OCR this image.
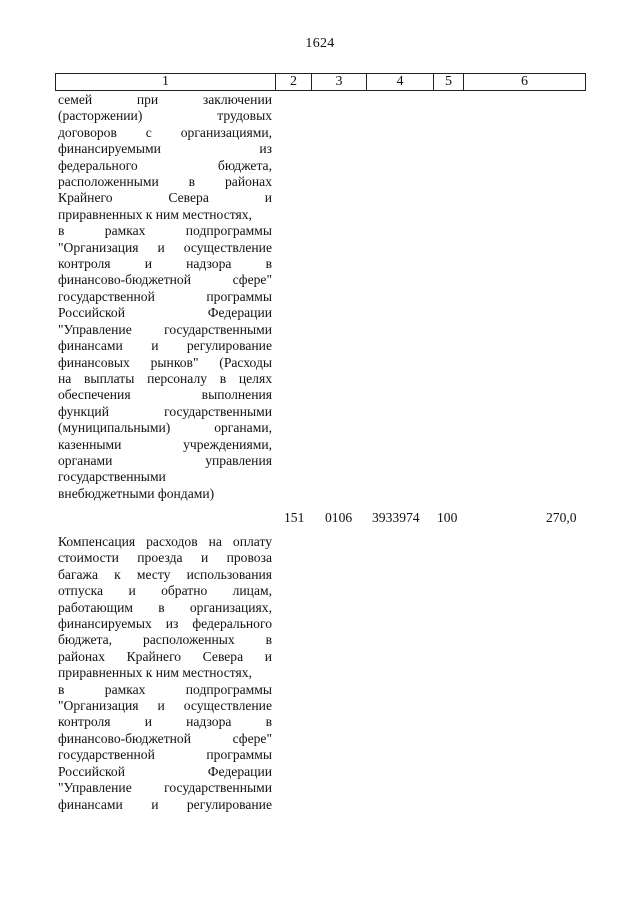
1624
1	2	3	4	5	6
семей при заключении
(расторжении) трудовых
договоров с организациями,
финансируемыми из
федерального бюджета,
расположенными в районах
Крайнего Севера и
приравненных к ним местностях,
в рамках подпрограммы
"Организация и осуществление
контроля и надзора в
финансово-бюджетной сфере"
государственной программы
Российской Федерации
"Управление государственными
финансами и регулирование
финансовых рынков" (Расходы
на выплаты персоналу в целях
обеспечения выполнения
функций государственными
(муниципальными) органами,
казенными учреждениями,
органами управления
государственными
внебюджетными фондами)
151 0106 3933974 100	270,0
Компенсация расходов на оплату
стоимости проезда и провоза
багажа к месту использования
отпуска и обратно лицам,
работающим в организациях,
финансируемых из федерального
бюджета, расположенных в
районах Крайнего Севера и
приравненных к ним местностях,
в рамках подпрограммы
"Организация и осуществление
контроля и надзора в
финансово-бюджетной сфере"
государственной программы
Российской Федерации
"Управление государственными
финансами и регулирование
